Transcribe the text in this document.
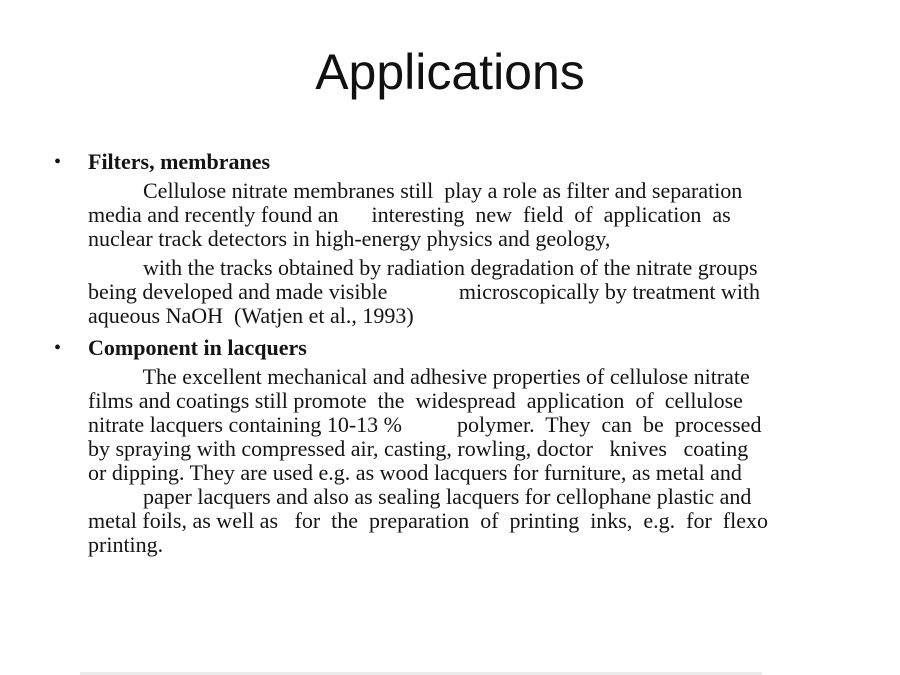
Applications
• Filters, membranes
Cellulose nitrate membranes still  play a role as filter and separation
media and recently found an      interesting  new  field  of  application  as
nuclear track detectors in high-energy physics and geology,
with the tracks obtained by radiation degradation of the nitrate groups
being developed and made visible             microscopically by treatment with
aqueous NaOH  (Watjen et al., 1993)
• Component in lacquers
The excellent mechanical and adhesive properties of cellulose nitrate
films and coatings still promote  the  widespread  application  of  cellulose
nitrate lacquers containing 10-13 %          polymer.  They  can  be  processed
by spraying with compressed air, casting, rowling, doctor   knives   coating
or dipping. They are used e.g. as wood lacquers for furniture, as metal and
paper lacquers and also as sealing lacquers for cellophane plastic and
metal foils, as well as   for  the  preparation  of  printing  inks,  e.g.  for  flexo
printing.
